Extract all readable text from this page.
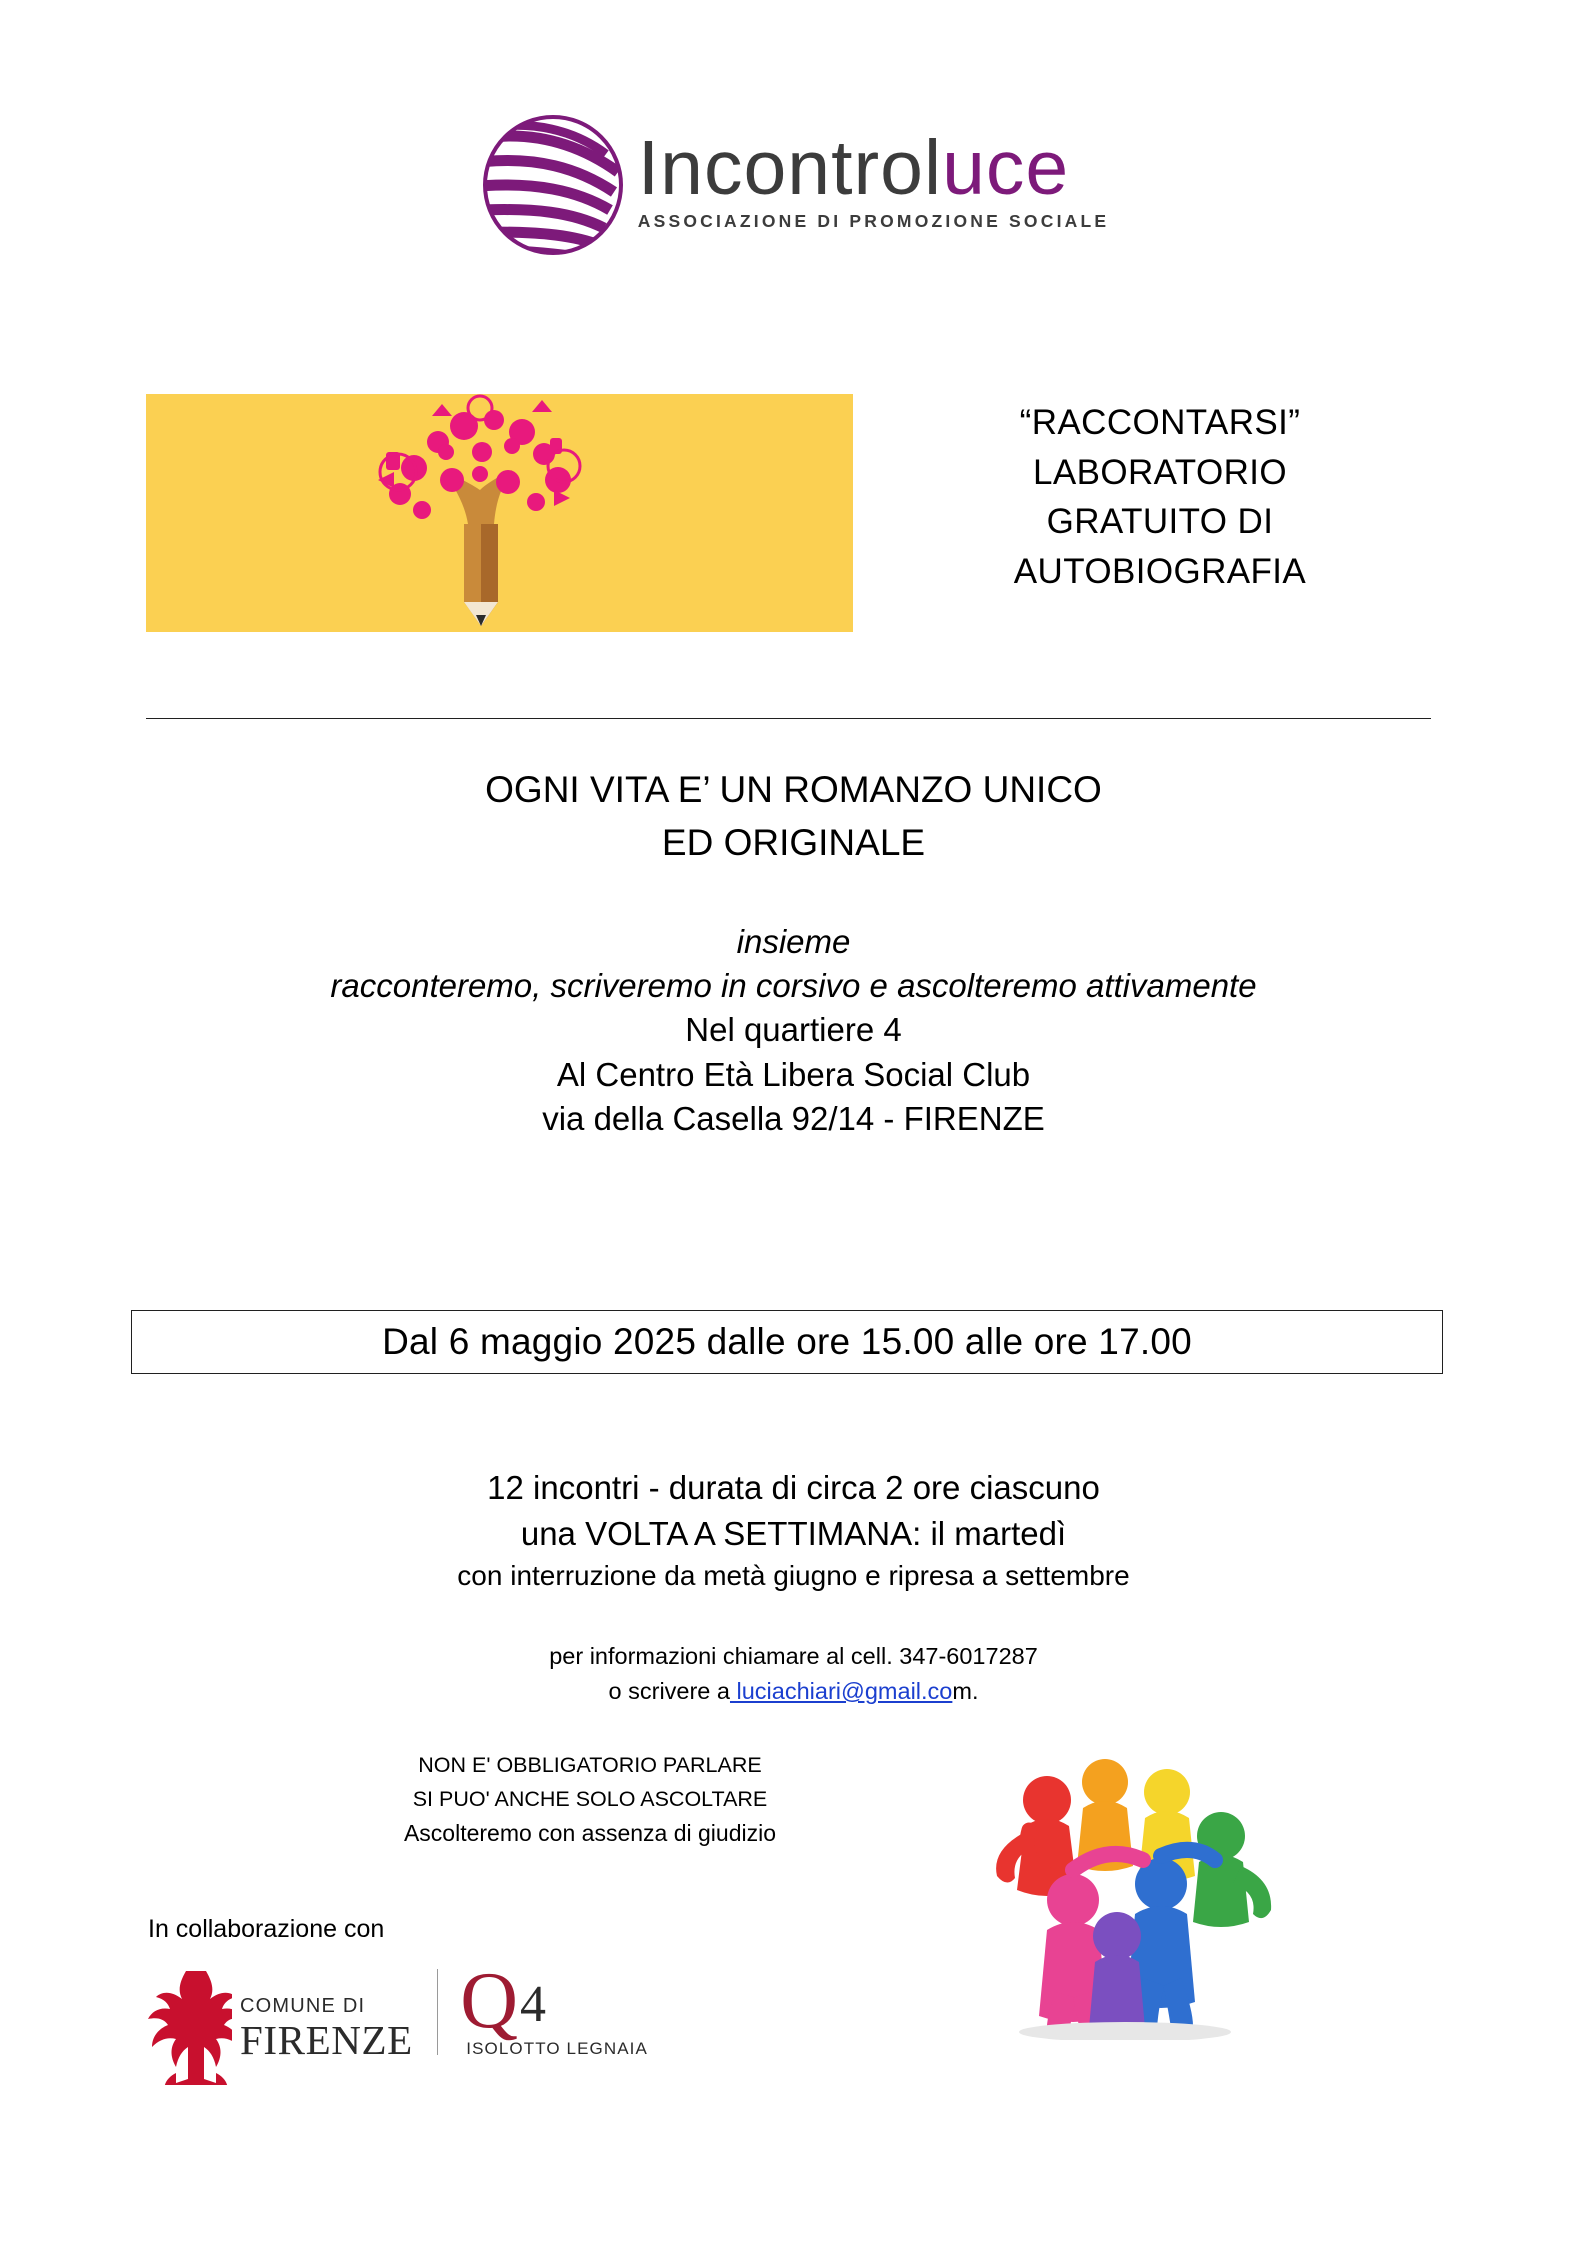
Incontroluce
ASSOCIAZIONE DI PROMOZIONE SOCIALE
“RACCONTARSI”
LABORATORIO
GRATUITO DI
AUTOBIOGRAFIA
OGNI VITA E’ UN ROMANZO UNICO
ED ORIGINALE
insieme
racconteremo, scriveremo in corsivo e ascolteremo attivamente
Nel quartiere 4
Al Centro Età Libera Social Club
via della Casella 92/14 - FIRENZE
Dal 6 maggio 2025 dalle ore 15.00 alle ore 17.00
12 incontri - durata di circa 2 ore ciascuno
una VOLTA A SETTIMANA: il martedì
con interruzione da metà giugno e ripresa a settembre
per informazioni chiamare al cell. 347-6017287
o scrivere a luciachiari@gmail.com.
NON E' OBBLIGATORIO PARLARE
SI PUO' ANCHE SOLO ASCOLTARE
Ascolteremo con assenza di giudizio
In collaborazione con
COMUNE DI
FIRENZE Q 4
ISOLOTTO LEGNAIA
